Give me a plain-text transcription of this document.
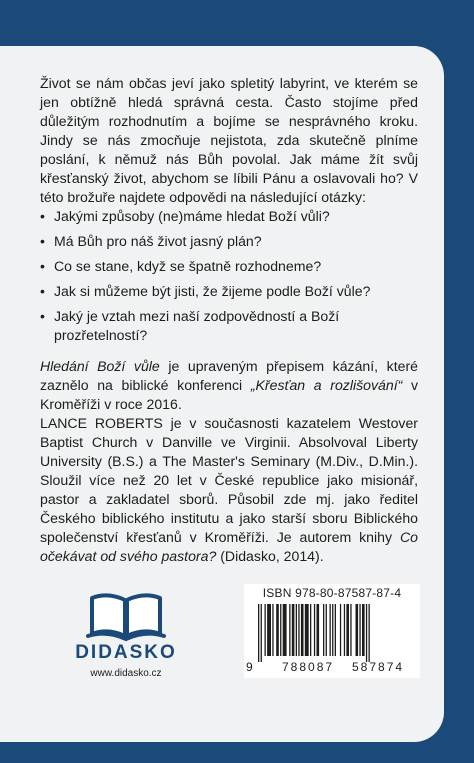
Život se nám občas jeví jako spletitý labyrint, ve kterém se jen obtížně hledá správná cesta. Často stojíme před důležitým rozhodnutím a bojíme se nesprávného kroku. Jindy se nás zmocňuje nejistota, zda skutečně plníme poslání, k němuž nás Bůh povolal. Jak máme žít svůj křesťanský život, abychom se líbili Pánu a oslavovali ho? V této brožuře najdete odpovědi na následující otázky:

• Jakými způsoby (ne)máme hledat Boží vůli?
• Má Bůh pro náš život jasný plán?
• Co se stane, když se špatně rozhodneme?
• Jak si můžeme být jisti, že žijeme podle Boží vůle?
• Jaký je vztah mezi naší zodpovědností a Boží prozřetelností?

Hledání Boží vůle je upraveným přepisem kázání, které zaznělo na biblické konferenci „Křesťan a rozlišování“ v Kroměříži v roce 2016.

LANCE ROBERTS je v současnosti kazatelem Westover Baptist Church v Danville ve Virginii. Absolvoval Liberty University (B.S.) a The Master's Seminary (M.Div., D.Min.). Sloužil více než 20 let v České republice jako misionář, pastor a zakladatel sborů. Působil zde mj. jako ředitel Českého biblického institutu a jako starší sboru Biblického společenství křesťanů v Kroměříži. Je autorem knihy Co očekávat od svého pastora? (Didasko, 2014).

DIDASKO
www.didasko.cz
ISBN 978-80-87587-87-4
9 788087 587874
